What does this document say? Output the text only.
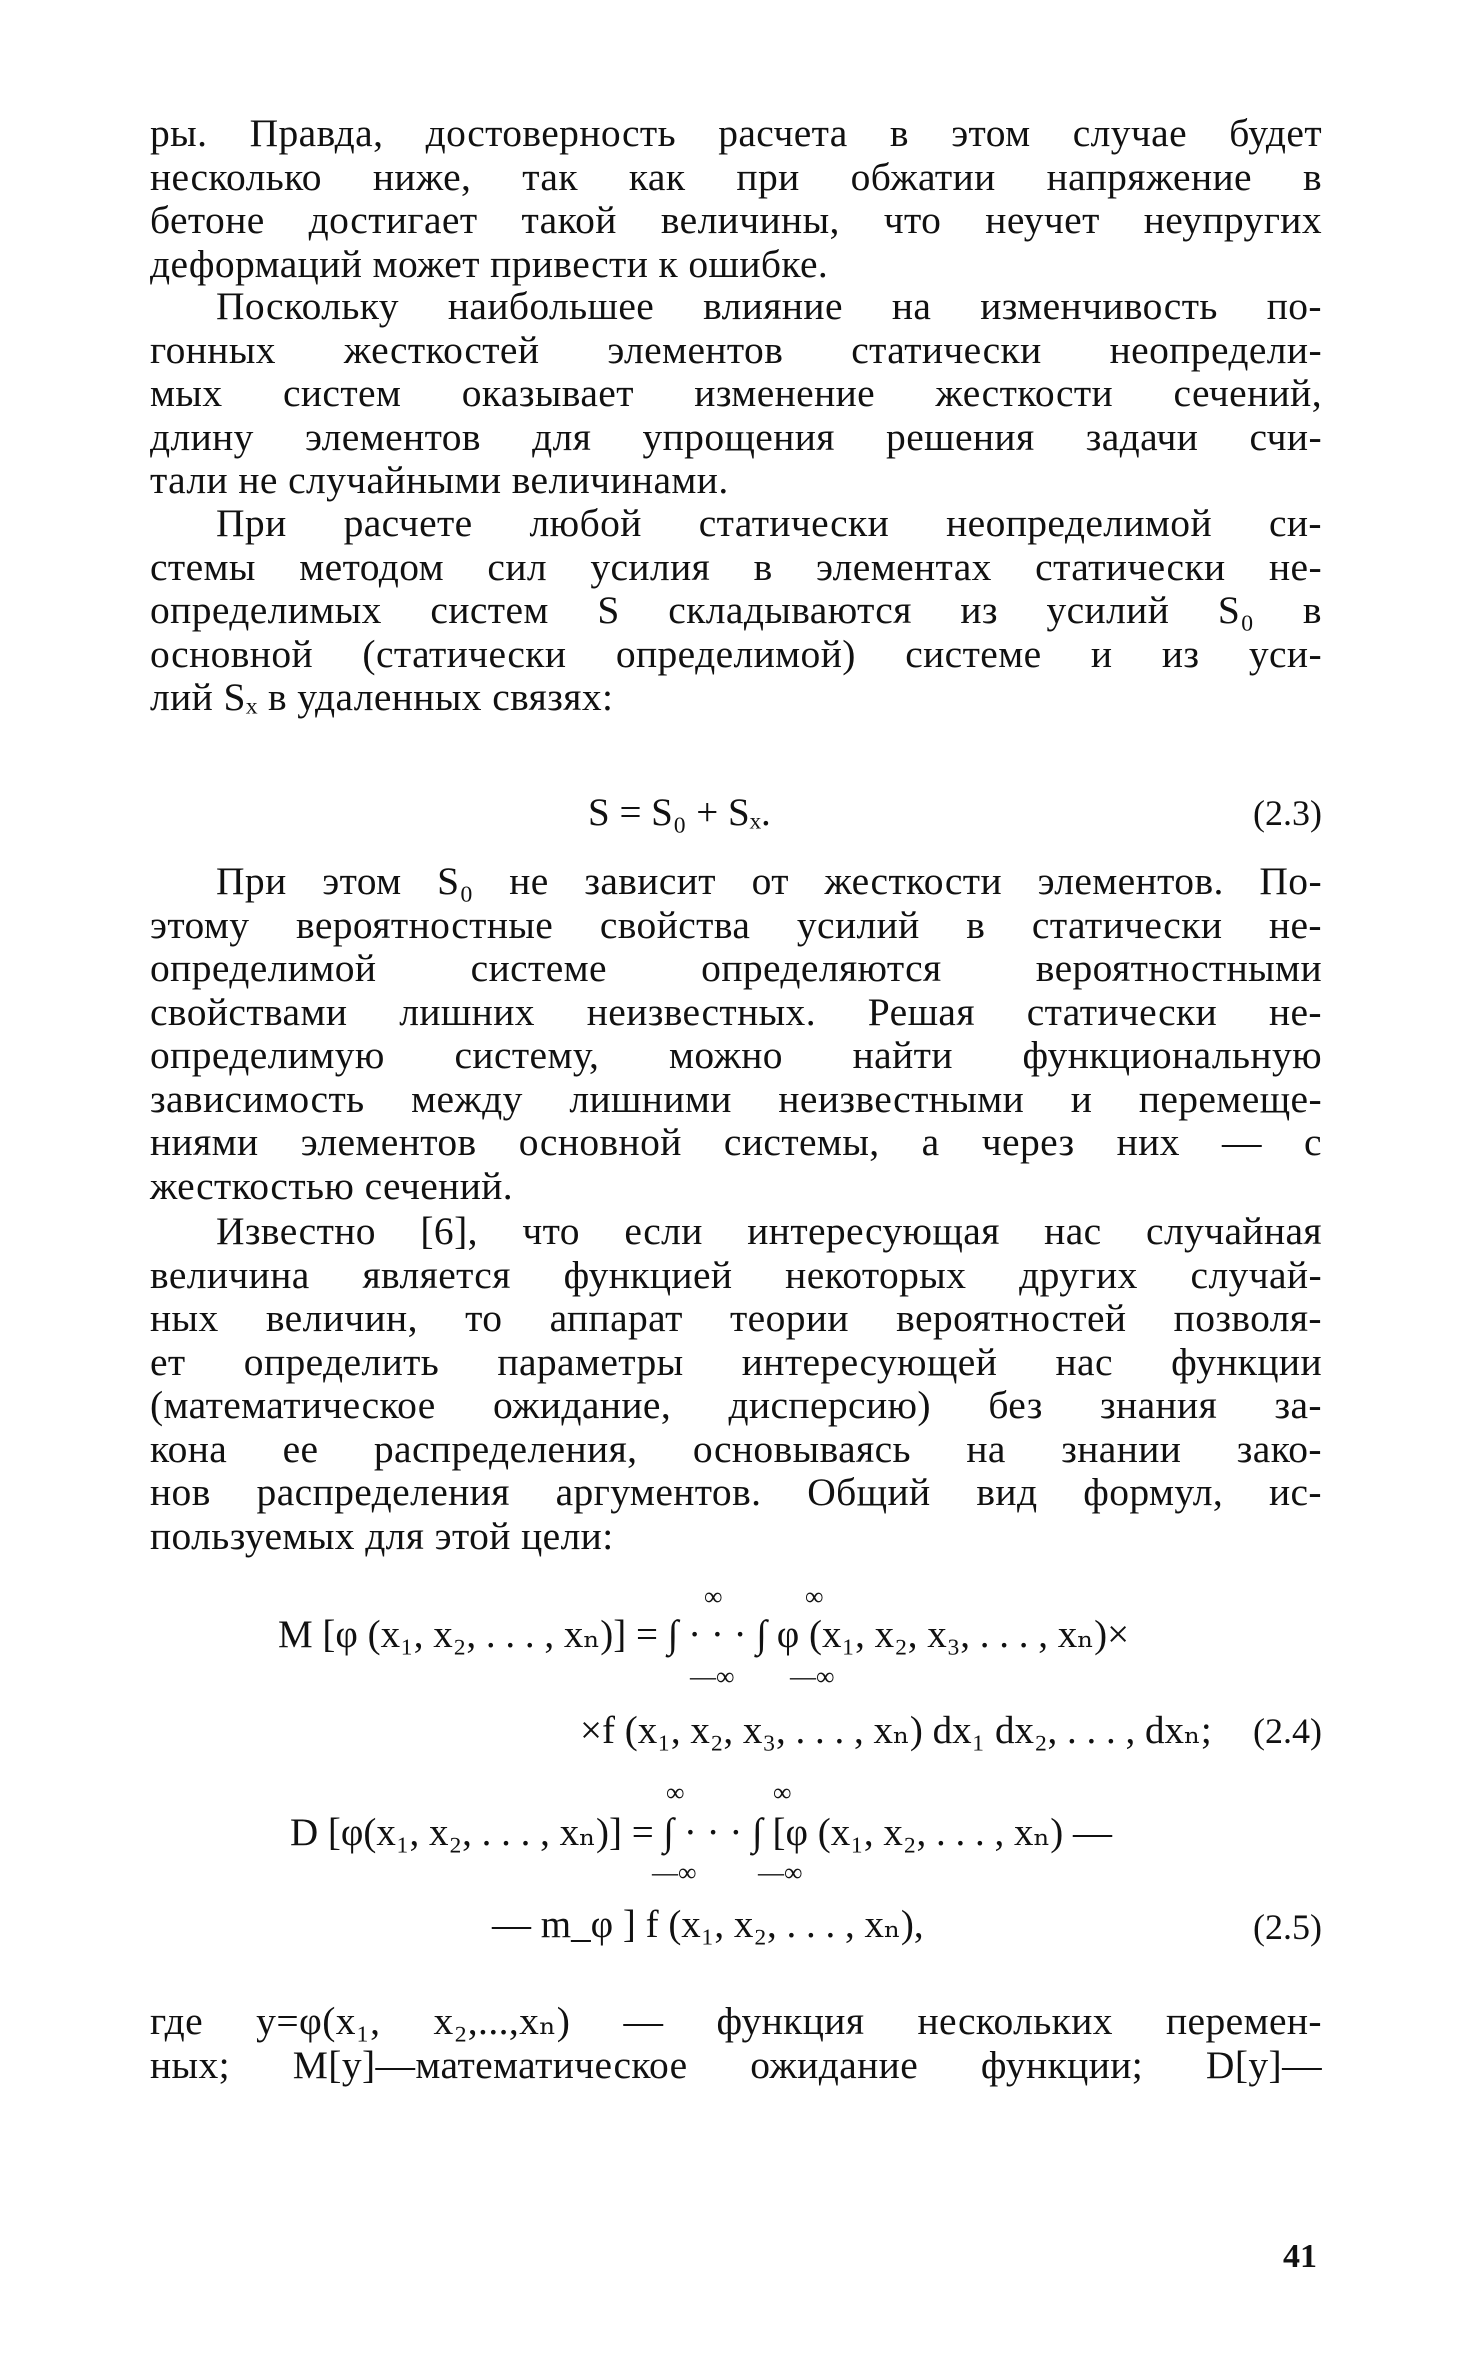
ры. Правда, достоверность расчета в этом случае будет
несколько ниже, так как при обжатии напряжение в
бетоне достигает такой величины, что неучет неупругих
деформаций может привести к ошибке.
Поскольку наибольшее влияние на изменчивость по-
гонных жесткостей элементов статически неопредели-
мых систем оказывает изменение жесткости сечений,
длину элементов для упрощения решения задачи счи-
тали не случайными величинами.
При расчете любой статически неопределимой си-
стемы методом сил усилия в элементах статически не-
определимых систем S складываются из усилий S₀ в
основной (статически определимой) системе и из уси-
лий Sₓ в удаленных связях:
S = S₀ + Sₓ.	(2.3)
При этом S₀ не зависит от жесткости элементов. По-
этому вероятностные свойства усилий в статически не-
определимой системе определяются вероятностными
свойствами лишних неизвестных. Решая статически не-
определимую систему, можно найти функциональную
зависимость между лишними неизвестными и перемеще-
ниями элементов основной системы, а через них — с
жесткостью сечений.
Известно [6], что если интересующая нас случайная
величина является функцией некоторых других случай-
ных величин, то аппарат теории вероятностей позволя-
ет определить параметры интересующей нас функции
(математическое ожидание, дисперсию) без знания за-
кона ее распределения, основываясь на знании зако-
нов распределения аргументов. Общий вид формул, ис-
пользуемых для этой цели:
∞	∞
M [φ (x₁, x₂, . . . , xₙ)] = ∫ · · · ∫ φ (x₁, x₂, x₃, . . . , xₙ)×
—∞ —∞
×f (x₁, x₂, x₃, . . . , xₙ) dx₁ dx₂, . . . , dxₙ; (2.4)
∞	∞
D [φ(x₁, x₂, . . . , xₙ)] = ∫ · · · ∫ [φ (x₁, x₂, . . . , xₙ) —
—∞ —∞
— m_φ ] f (x₁, x₂, . . . , xₙ),	(2.5)
где y=φ(x₁, x₂,...,xₙ) — функция нескольких перемен-
ных; M[y]—математическое ожидание функции; D[y]—
41
